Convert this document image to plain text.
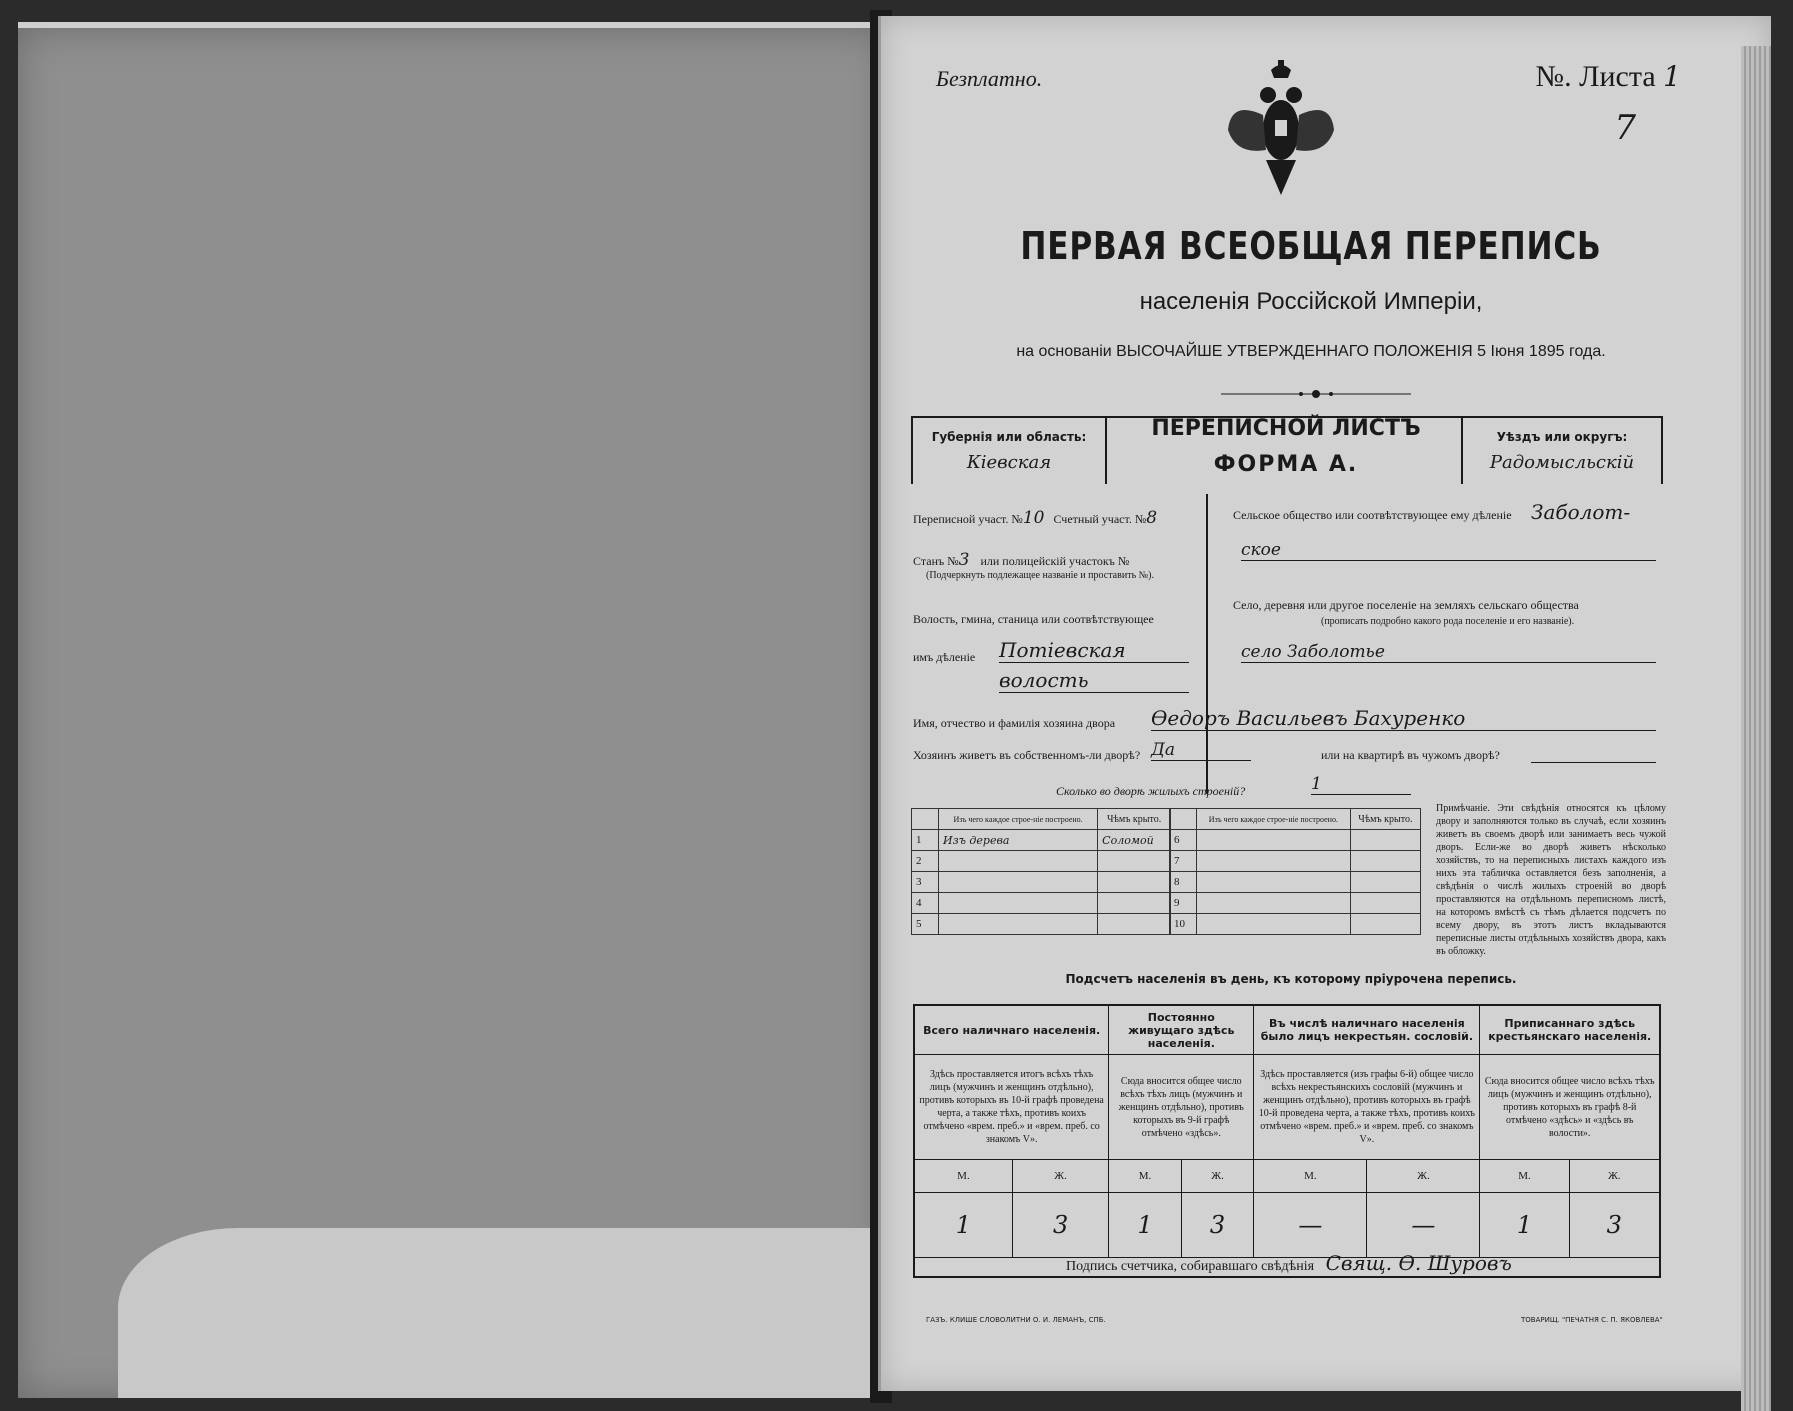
Безплатно.	№. Листа 1
7
ПЕРВАЯ ВСЕОБЩАЯ ПЕРЕПИСЬ
населенія Россійской Имперіи,
на основаніи ВЫСОЧАЙШЕ УТВЕРЖДЕННАГО ПОЛОЖЕНІЯ 5 Іюня 1895 года.
Губернія или область:
Кіевская
ПЕРЕПИСНОЙ ЛИСТЪ
ФОРМА А.
Уѣздъ или округъ:
Радомысльскій
Переписной участ. №10 Счетный участ. №8
Станъ №3 или полицейскій участокъ №
(Подчеркнуть подлежащее названіе и проставить №).
Волость, гмина, станица или соотвѣтствующее
имъ дѣленіе Потіевская
волость
Сельское общество или соотвѣтствующее ему дѣленіе Заболот-
ское
Село, деревня или другое поселеніе на земляхъ сельскаго общества
(прописать подробно какого рода поселеніе и его названіе).
село Заболотье
Имя, отчество и фамилія хозяина двора Өедоръ Васильевъ Бахуренко
Хозяинъ живетъ въ собственномъ-ли дворѣ? Да	или на квартирѣ въ чужомъ дворѣ?
Сколько во дворѣ жилыхъ строеній?	1
	Изъ чего каждое строе-ніе построено.	Чѣмъ крыто.
1	Изъ дерева	Соломой
2		
3		
4		
5		
	Изъ чего каждое строе-ніе построено.	Чѣмъ крыто.
6		
7		
8		
9		
10		
Примѣчаніе. Эти свѣдѣнія относятся къ цѣлому двору и заполняются только въ случаѣ, если хозяинъ живетъ въ своемъ дворѣ или занимаетъ весь чужой дворъ. Если-же во дворѣ живетъ нѣсколько хозяйствъ, то на переписныхъ листахъ каждого изъ нихъ эта табличка оставляется безъ заполненія, а свѣдѣнія о числѣ жилыхъ строеній во дворѣ проставляются на отдѣльномъ переписномъ листѣ, на которомъ вмѣстѣ съ тѣмъ дѣлается подсчетъ по всему двору, въ этотъ листъ вкладываются переписные листы отдѣльныхъ хозяйствъ двора, какъ въ обложку.
Подсчетъ населенія въ день, къ которому пріурочена перепись.
Всего наличнаго населенія.		Постоянно живущаго здѣсь населенія.		Въ числѣ наличнаго населенія было лицъ некрестьян. сословій.		Приписаннаго здѣсь крестьянскаго населенія.	
Здѣсь проставляется итогъ всѣхъ тѣхъ лицъ (мужчинъ и женщинъ отдѣльно), противъ которыхъ въ 10-й графѣ проведена черта, а также тѣхъ, противъ коихъ отмѣчено «врем. преб.» и «врем. преб. со знакомъ V».		Сюда вносится общее число всѣхъ тѣхъ лицъ (мужчинъ и женщинъ отдѣльно), противъ которыхъ въ 9-й графѣ отмѣчено «здѣсь».		Здѣсь проставляется (изъ графы 6-й) общее число всѣхъ некрестьянскихъ сословій (мужчинъ и женщинъ отдѣльно), противъ которыхъ въ графѣ 10-й проведена черта, а также тѣхъ, противъ коихъ отмѣчено «врем. преб.» и «врем. преб. со знакомъ V».		Сюда вносится общее число всѣхъ тѣхъ лицъ (мужчинъ и женщинъ отдѣльно), противъ которыхъ въ графѣ 8-й отмѣчено «здѣсь» и «здѣсь въ волости».	
М.	Ж.	М.	Ж.	М.	Ж.	М.	Ж.
1	3	1	3	—	—	1	3

Подпись счетчика, собиравшаго свѣдѣнія Свящ. Ө. Шуровъ
ГАЗЪ. КЛИШЕ СЛОВОЛИТНИ О. И. ЛЕМАНЪ, СПБ.	ТОВАРИЩ. "ПЕЧАТНЯ С. П. ЯКОВЛЕВА"
